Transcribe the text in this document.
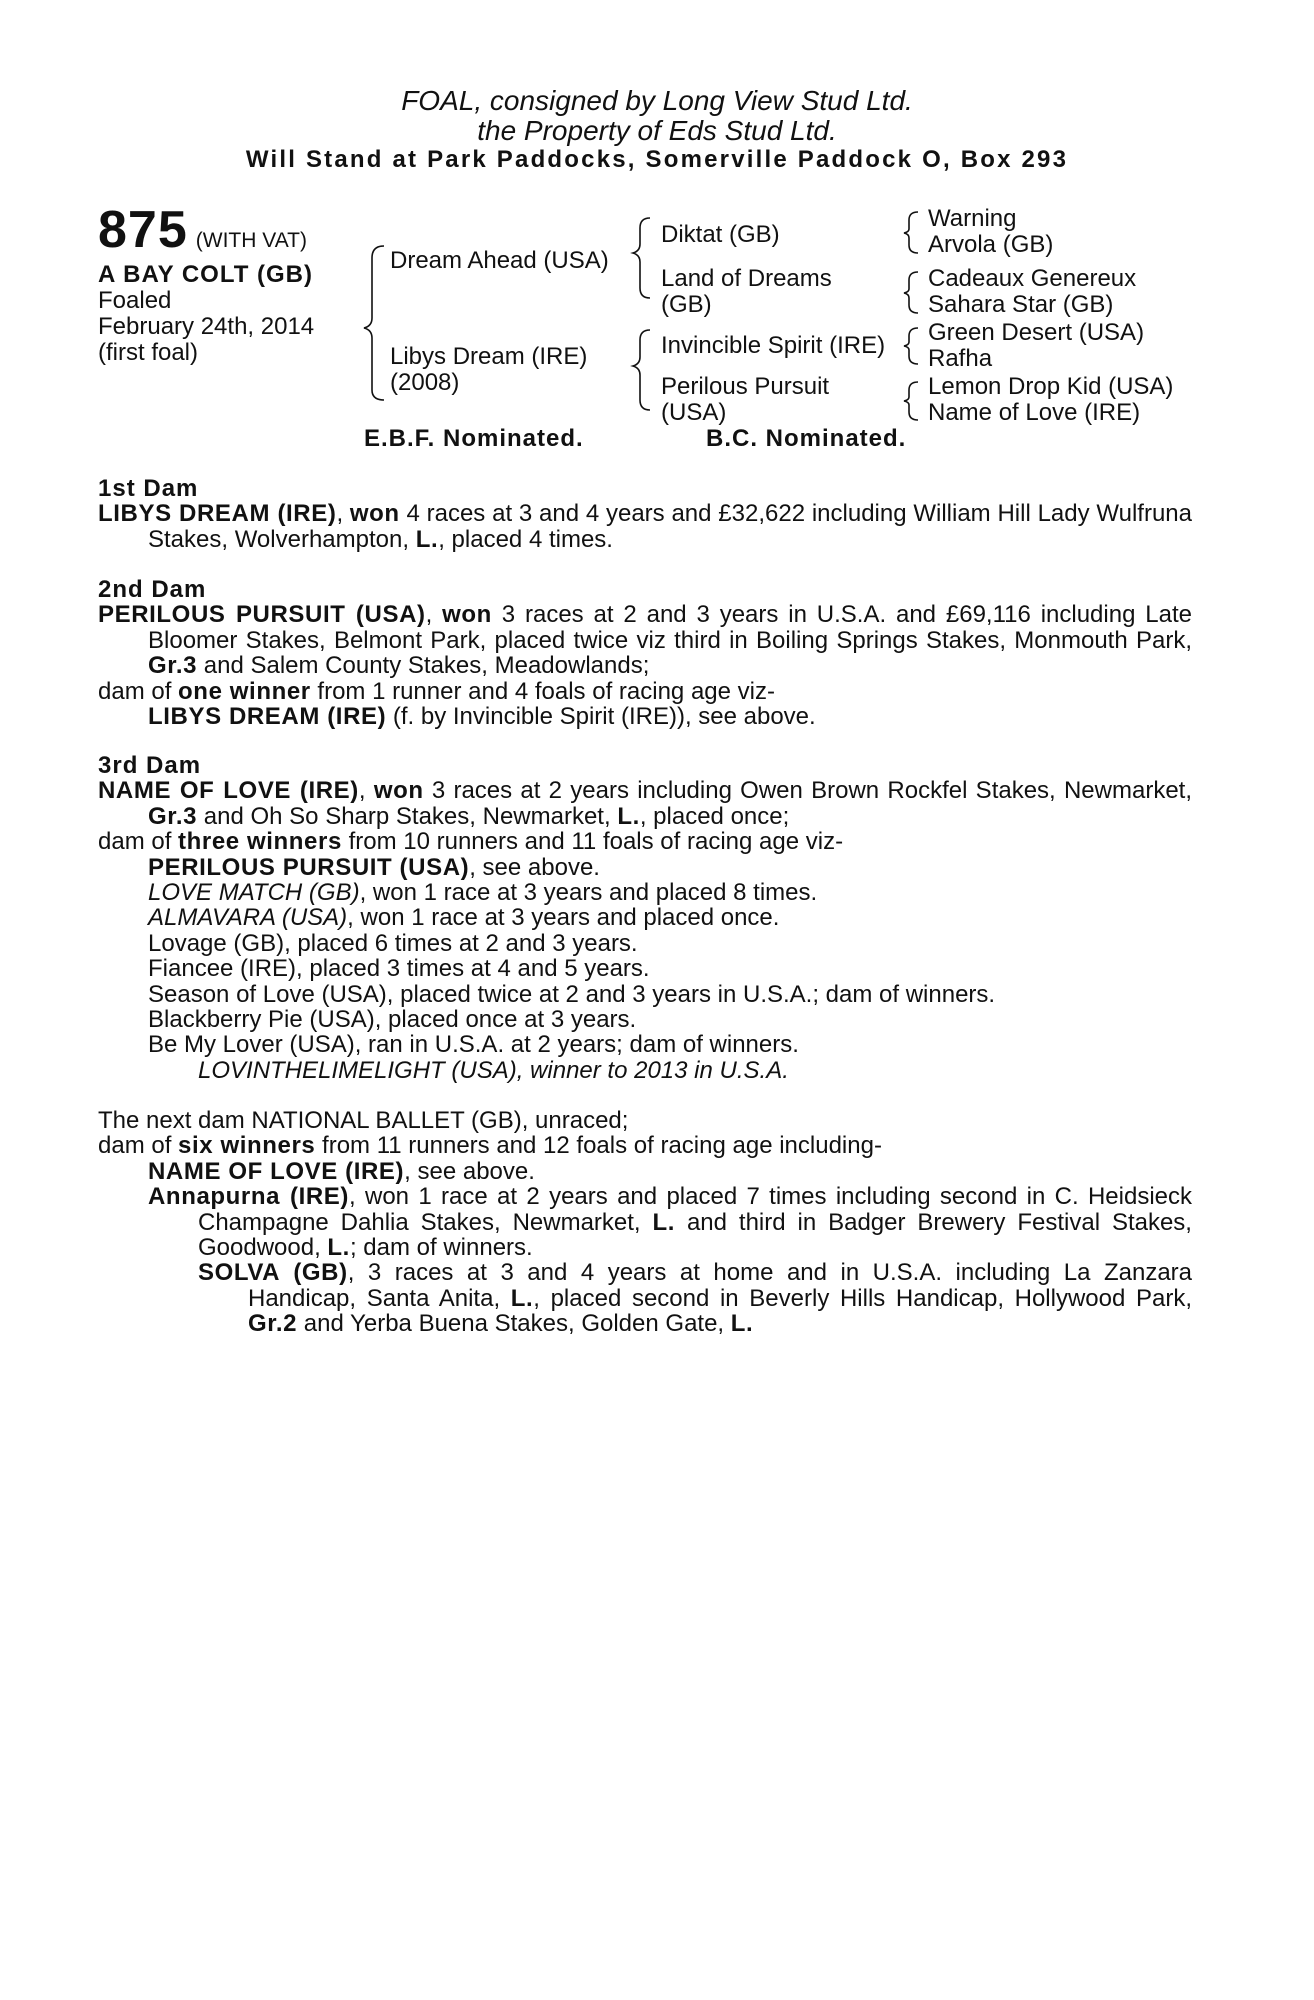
FOAL, consigned by Long View Stud Ltd.
the Property of Eds Stud Ltd.
Will Stand at Park Paddocks, Somerville Paddock O, Box 293
875 (WITH VAT)
A BAY COLT (GB)
Foaled
February 24th, 2014
(first foal)
Dream Ahead (USA)
Libys Dream (IRE)
(2008)
Diktat (GB)
Land of Dreams
(GB)
Invincible Spirit (IRE)
Perilous Pursuit
(USA)
Warning
Arvola (GB)
Cadeaux Genereux
Sahara Star (GB)
Green Desert (USA)
Rafha
Lemon Drop Kid (USA)
Name of Love (IRE)
E.B.F. Nominated.	B.C. Nominated.
1st Dam
LIBYS DREAM (IRE), won 4 races at 3 and 4 years and £32,622 including William Hill Lady Wulfruna Stakes, Wolverhampton, L., placed 4 times.
2nd Dam
PERILOUS PURSUIT (USA), won 3 races at 2 and 3 years in U.S.A. and £69,116 including Late Bloomer Stakes, Belmont Park, placed twice viz third in Boiling Springs Stakes, Monmouth Park, Gr.3 and Salem County Stakes, Meadowlands;
dam of one winner from 1 runner and 4 foals of racing age viz-
LIBYS DREAM (IRE) (f. by Invincible Spirit (IRE)), see above.
3rd Dam
NAME OF LOVE (IRE), won 3 races at 2 years including Owen Brown Rockfel Stakes, Newmarket, Gr.3 and Oh So Sharp Stakes, Newmarket, L., placed once;
dam of three winners from 10 runners and 11 foals of racing age viz-
PERILOUS PURSUIT (USA), see above.
LOVE MATCH (GB), won 1 race at 3 years and placed 8 times.
ALMAVARA (USA), won 1 race at 3 years and placed once.
Lovage (GB), placed 6 times at 2 and 3 years.
Fiancee (IRE), placed 3 times at 4 and 5 years.
Season of Love (USA), placed twice at 2 and 3 years in U.S.A.; dam of winners.
Blackberry Pie (USA), placed once at 3 years.
Be My Lover (USA), ran in U.S.A. at 2 years; dam of winners.
LOVINTHELIMELIGHT (USA), winner to 2013 in U.S.A.
The next dam NATIONAL BALLET (GB), unraced;
dam of six winners from 11 runners and 12 foals of racing age including-
NAME OF LOVE (IRE), see above.
Annapurna (IRE), won 1 race at 2 years and placed 7 times including second in C. Heidsieck Champagne Dahlia Stakes, Newmarket, L. and third in Badger Brewery Festival Stakes, Goodwood, L.; dam of winners.
SOLVA (GB), 3 races at 3 and 4 years at home and in U.S.A. including La Zanzara Handicap, Santa Anita, L., placed second in Beverly Hills Handicap, Hollywood Park, Gr.2 and Yerba Buena Stakes, Golden Gate, L.
